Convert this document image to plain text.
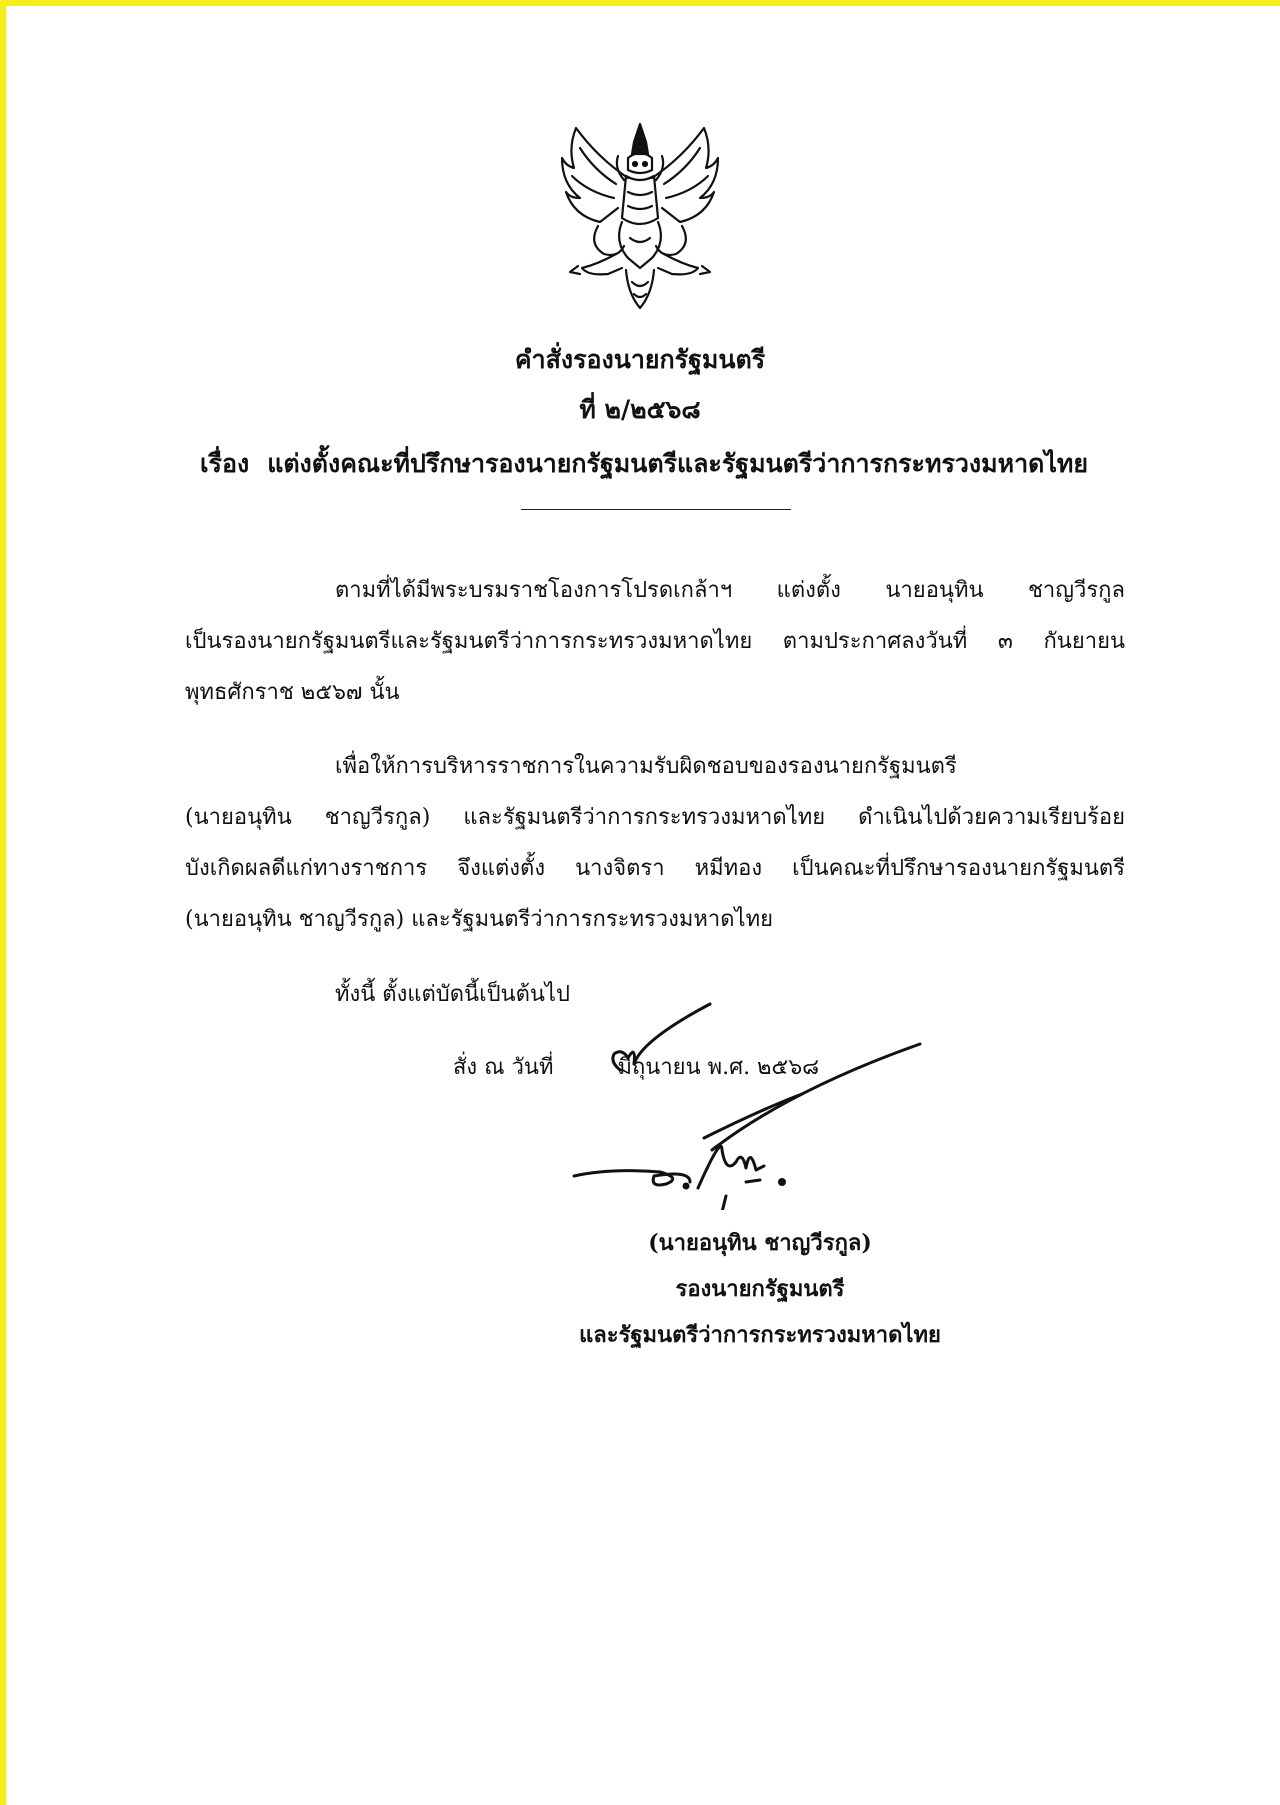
คำสั่งรองนายกรัฐมนตรี
ที่ ๒/๒๕๖๘
เรื่อง แต่งตั้งคณะที่ปรึกษารองนายกรัฐมนตรีและรัฐมนตรีว่าการกระทรวงมหาดไทย
ตามที่ได้มีพระบรมราชโองการโปรดเกล้าฯ แต่งตั้ง นายอนุทิน ชาญวีรกูล
เป็นรองนายกรัฐมนตรีและรัฐมนตรีว่าการกระทรวงมหาดไทย ตามประกาศลงวันที่ ๓ กันยายน
พุทธศักราช ๒๕๖๗ นั้น
เพื่อให้การบริหารราชการในความรับผิดชอบของรองนายกรัฐมนตรี
(นายอนุทิน ชาญวีรกูล) และรัฐมนตรีว่าการกระทรวงมหาดไทย ดำเนินไปด้วยความเรียบร้อย
บังเกิดผลดีแก่ทางราชการ จึงแต่งตั้ง นางจิตรา หมีทอง เป็นคณะที่ปรึกษารองนายกรัฐมนตรี
(นายอนุทิน ชาญวีรกูล) และรัฐมนตรีว่าการกระทรวงมหาดไทย
ทั้งนี้ ตั้งแต่บัดนี้เป็นต้นไป
สั่ง ณ วันที่	มิถุนายน พ.ศ. ๒๕๖๘
(นายอนุทิน ชาญวีรกูล)
รองนายกรัฐมนตรี
และรัฐมนตรีว่าการกระทรวงมหาดไทย
